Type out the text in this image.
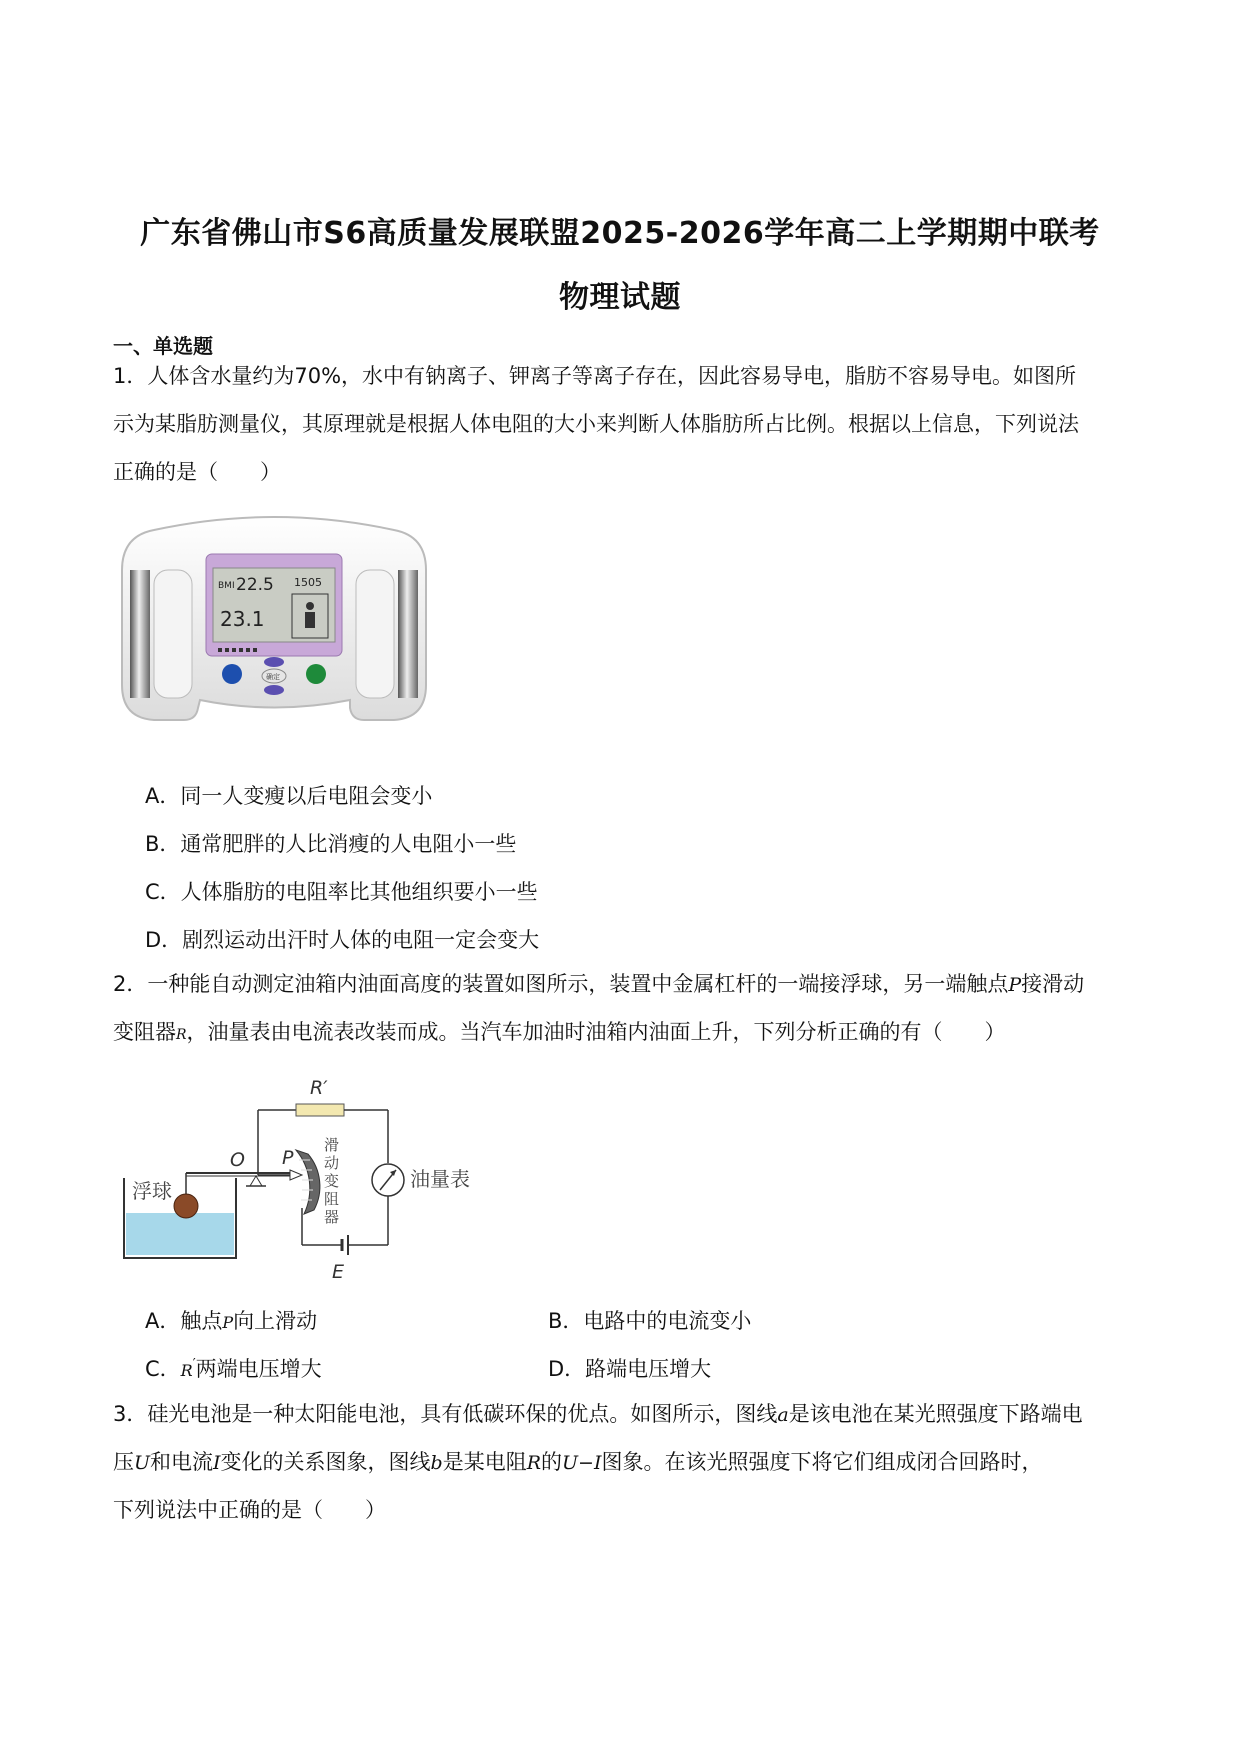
广东省佛山市S6高质量发展联盟2025-2026学年高二上学期期中联考
物理试题
一、单选题
1．人体含水量约为70%，水中有钠离子、钾离子等离子存在，因此容易导电，脂肪不容易导电。如图所
示为某脂肪测量仪，其原理就是根据人体电阻的大小来判断人体脂肪所占比例。根据以上信息，下列说法
正确的是（　　）
BMI 22.5 1505
23.1
确定
A．同一人变瘦以后电阻会变小
B．通常肥胖的人比消瘦的人电阻小一些
C．人体脂肪的电阻率比其他组织要小一些
D．剧烈运动出汗时人体的电阻一定会变大
2．一种能自动测定油箱内油面高度的装置如图所示，装置中金属杠杆的一端接浮球，另一端触点P接滑动
变阻器R，油量表由电流表改装而成。当汽车加油时油箱内油面上升，下列分析正确的有（　　）
R′
油量表
E
滑
动
变
阻
器
P
O
浮球
A．触点P向上滑动	B．电路中的电流变小
C．R′两端电压增大	D．路端电压增大
3．硅光电池是一种太阳能电池，具有低碳环保的优点。如图所示，图线a是该电池在某光照强度下路端电
压U和电流I变化的关系图象，图线b是某电阻R的U−I图象。在该光照强度下将它们组成闭合回路时，
下列说法中正确的是（　　）
